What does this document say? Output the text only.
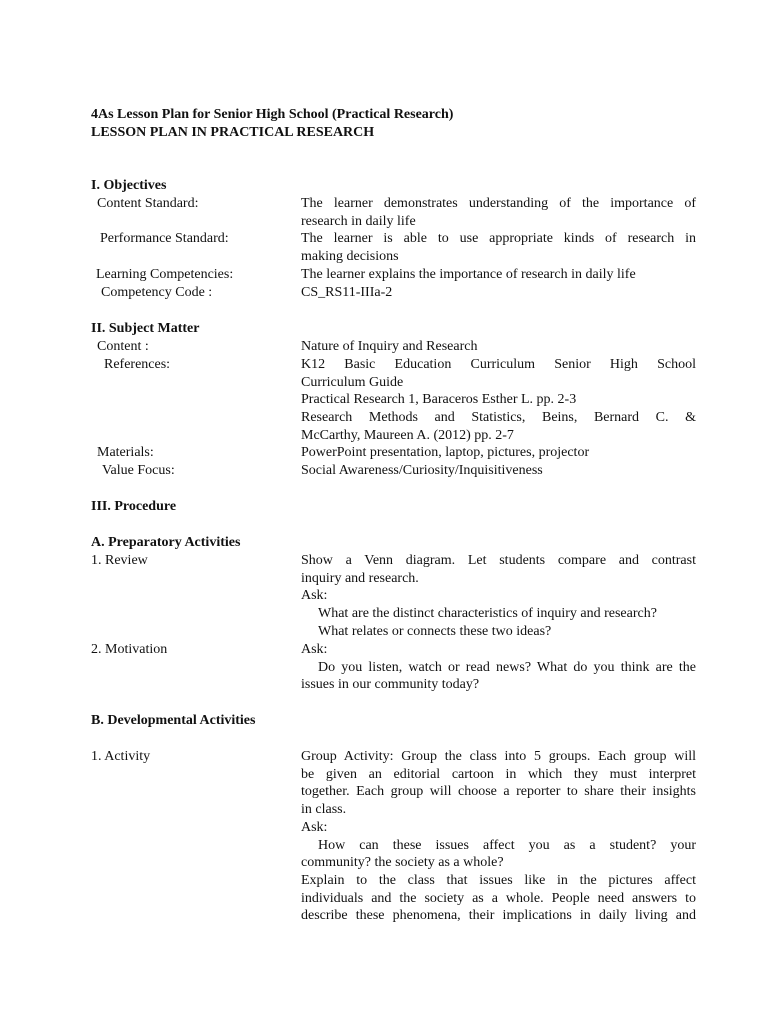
4As Lesson Plan for Senior High School (Practical Research)
LESSON PLAN IN PRACTICAL RESEARCH
I. Objectives
Content Standard:	The learner demonstrates understanding of the importance of
research in daily life
Performance Standard:	The learner is able to use appropriate kinds of research in
making decisions
Learning Competencies:	The learner explains the importance of research in daily life
Competency Code :	CS_RS11-IIIa-2
II. Subject Matter
Content :	Nature of Inquiry and Research
References:	K12 Basic Education Curriculum Senior High School
Curriculum Guide
Practical Research 1, Baraceros Esther L. pp. 2-3
Research Methods and Statistics, Beins, Bernard C. &
McCarthy, Maureen A. (2012) pp. 2-7
Materials:	PowerPoint presentation, laptop, pictures, projector
Value Focus:	Social Awareness/Curiosity/Inquisitiveness
III. Procedure
A. Preparatory Activities
1. Review	Show a Venn diagram. Let students compare and contrast
inquiry and research.
Ask:
What are the distinct characteristics of inquiry and research?
What relates or connects these two ideas?
2. Motivation	Ask:
Do you listen, watch or read news? What do you think are the
issues in our community today?
B. Developmental Activities
1. Activity	Group Activity: Group the class into 5 groups. Each group will
be given an editorial cartoon in which they must interpret
together. Each group will choose a reporter to share their insights
in class.
Ask:
How can these issues affect you as a student? your
community? the society as a whole?
Explain to the class that issues like in the pictures affect
individuals and the society as a whole. People need answers to
describe these phenomena, their implications in daily living and
